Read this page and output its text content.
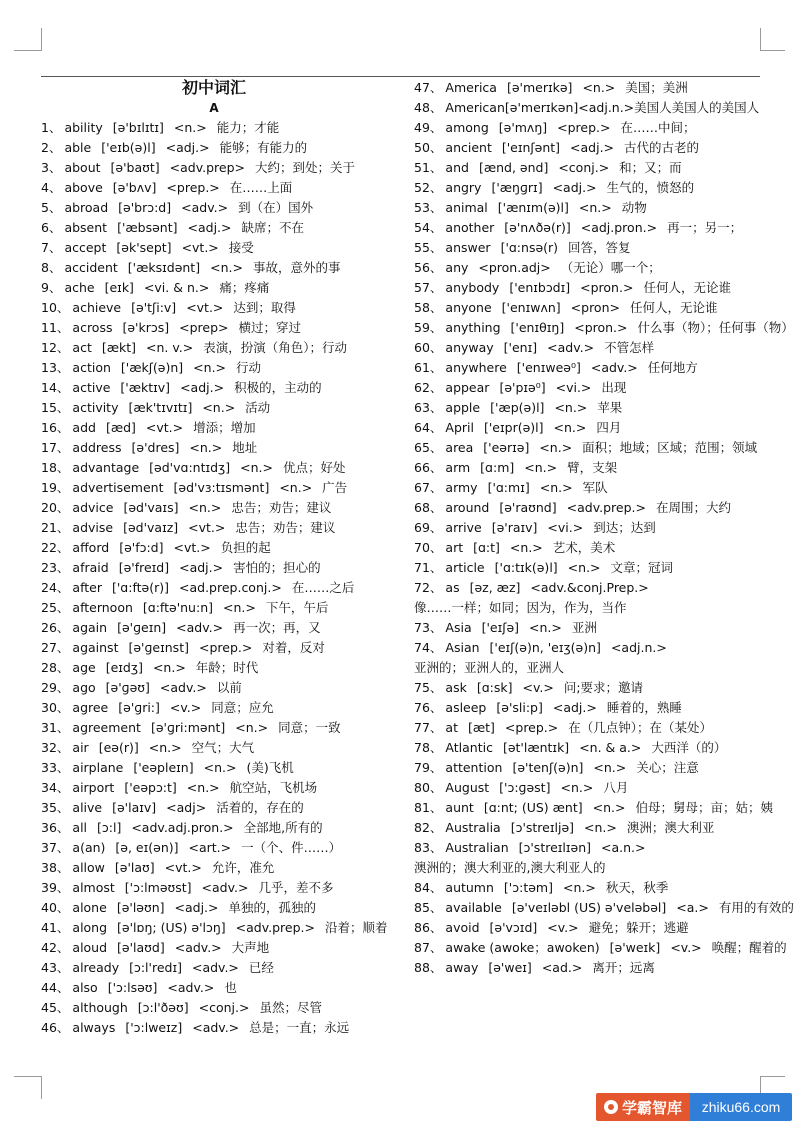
初中词汇
A
1、 ability [ə'bɪlɪtɪ] <n.> 能力；才能
2、 able ['eɪb(ə)l] <adj.> 能够；有能力的
3、 about [ə'baʊt] <adv.prep> 大约；到处；关于
4、 above [ə'bʌv] <prep.> 在……上面
5、 abroad [ə'brɔ:d] <adv.> 到（在）国外
6、 absent ['æbsənt] <adj.> 缺席；不在
7、 accept [ək'sept] <vt.> 接受
8、 accident ['æksɪdənt] <n.> 事故，意外的事
9、 ache [eɪk] <vi. & n.> 痛；疼痛
10、 achieve [ə'tʃi:v] <vt.> 达到；取得
11、 across [ə'krɔs] <prep> 横过；穿过
12、 act [ækt] <n. v.> 表演，扮演（角色）；行动
13、 action ['ækʃ(ə)n] <n.> 行动
14、 active ['æktɪv] <adj.> 积极的，主动的
15、 activity [æk'tɪvɪtɪ] <n.> 活动
16、 add [æd] <vt.> 增添；增加
17、 address [ə'dres] <n.> 地址
18、 advantage [əd'vɑ:ntɪdʒ] <n.> 优点；好处
19、 advertisement [əd'vɜ:tɪsmənt] <n.> 广告
20、 advice [əd'vaɪs] <n.> 忠告；劝告；建议
21、 advise [əd'vaɪz] <vt.> 忠告；劝告；建议
22、 afford [ə'fɔ:d] <vt.> 负担的起
23、 afraid [ə'freɪd] <adj.> 害怕的；担心的
24、 after ['ɑ:ftə(r)] <ad.prep.conj.> 在……之后
25、 afternoon [ɑ:ftə'nu:n] <n.> 下午，午后
26、 again [ə'ɡeɪn] <adv.> 再一次；再，又
27、 against [ə'ɡeɪnst] <prep.> 对着，反对
28、 age [eɪdʒ] <n.> 年龄；时代
29、 ago [ə'ɡəʊ] <adv.> 以前
30、 agree [ə'ɡri:] <v.> 同意；应允
31、 agreement [ə'ɡri:mənt] <n.> 同意；一致
32、 air [eə(r)] <n.> 空气；大气
33、 airplane ['eəpleɪn] <n.> (美)飞机
34、 airport ['eəpɔ:t] <n.> 航空站，飞机场
35、 alive [ə'laɪv] <adj> 活着的，存在的
36、 all [ɔ:l] <adv.adj.pron.> 全部地,所有的
37、 a(an) [ə, eɪ(ən)] <art.> 一（个、件……）
38、 allow [ə'laʊ] <vt.> 允许，准允
39、 almost ['ɔ:lməʊst] <adv.> 几乎，差不多
40、 alone [ə'ləʊn] <adj.> 单独的，孤独的
41、 along [ə'lɒŋ; (US) ə'lɔŋ] <adv.prep.> 沿着；顺着
42、 aloud [ə'laʊd] <adv.> 大声地
43、 already [ɔ:l'redɪ] <adv.> 已经
44、 also ['ɔ:lsəʊ] <adv.> 也
45、 although [ɔ:l'ðəʊ] <conj.> 虽然；尽管
46、 always ['ɔ:lweɪz] <adv.> 总是；一直；永远
47、 America [ə'merɪkə] <n.> 美国；美洲
48、 American[ə'merɪkən]<adj.n.>美国人美国人的美国人
49、 among [ə'mʌŋ] <prep.> 在……中间；
50、 ancient ['eɪnʃənt] <adj.> 古代的古老的
51、 and [ænd, ənd] <conj.> 和；又；而
52、 angry ['æŋɡrɪ] <adj.> 生气的，愤怒的
53、 animal ['ænɪm(ə)l] <n.> 动物
54、 another [ə'nʌðə(r)] <adj.pron.> 再一；另一；
55、 answer ['ɑ:nsə(r) 回答，答复
56、 any <pron.adj> （无论）哪一个；
57、 anybody ['enɪbɔdɪ] <pron.> 任何人，无论谁
58、 anyone ['enɪwʌn] <pron> 任何人，无论谁
59、 anything ['enɪθɪŋ] <pron.> 什么事（物）；任何事（物）
60、 anyway ['enɪ] <adv.> 不管怎样
61、 anywhere ['enɪweə⁰] <adv.> 任何地方
62、 appear [ə'pɪə⁰] <vi.> 出现
63、 apple ['æp(ə)l] <n.> 苹果
64、 April ['eɪpr(ə)l] <n.> 四月
65、 area ['eərɪə] <n.> 面积；地域；区域；范围；领域
66、 arm [ɑ:m] <n.> 臂，支架
67、 army ['ɑ:mɪ] <n.> 军队
68、 around [ə'raʊnd] <adv.prep.> 在周围；大约
69、 arrive [ə'raɪv] <vi.> 到达；达到
70、 art [ɑ:t] <n.> 艺术，美术
71、 article ['ɑ:tɪk(ə)l] <n.> 文章；冠词
72、 as [əz, æz] <adv.&conj.Prep.>
像……一样；如同；因为，作为，当作
73、 Asia ['eɪʃə] <n.> 亚洲
74、 Asian ['eɪʃ(ə)n, 'eɪʒ(ə)n] <adj.n.>
亚洲的；亚洲人的，亚洲人
75、 ask [ɑ:sk] <v.> 问;要求；邀请
76、 asleep [ə'sli:p] <adj.> 睡着的，熟睡
77、 at [æt] <prep.> 在（几点钟）；在（某处）
78、 Atlantic [ət'læntɪk] <n. & a.> 大西洋（的）
79、 attention [ə'tenʃ(ə)n] <n.> 关心；注意
80、 August ['ɔ:ɡəst] <n.> 八月
81、 aunt [ɑ:nt; (US) ænt] <n.> 伯母；舅母；亩；姑；姨
82、 Australia [ɔ'streɪljə] <n.> 澳洲；澳大利亚
83、 Australian [ɔ'streɪlɪən] <a.n.>
澳洲的；澳大利亚的,澳大利亚人的
84、 autumn ['ɔ:təm] <n.> 秋天，秋季
85、 available [ə'veɪləbl (US) ə'veləbəl] <a.> 有用的有效的
86、 avoid [ə'vɔɪd] <v.> 避免；躲开；逃避
87、 awake (awoke；awoken) [ə'weɪk] <v.> 唤醒；醒着的
88、 away [ə'weɪ] <ad.> 离开；远离
学霸智库	zhiku66.com
